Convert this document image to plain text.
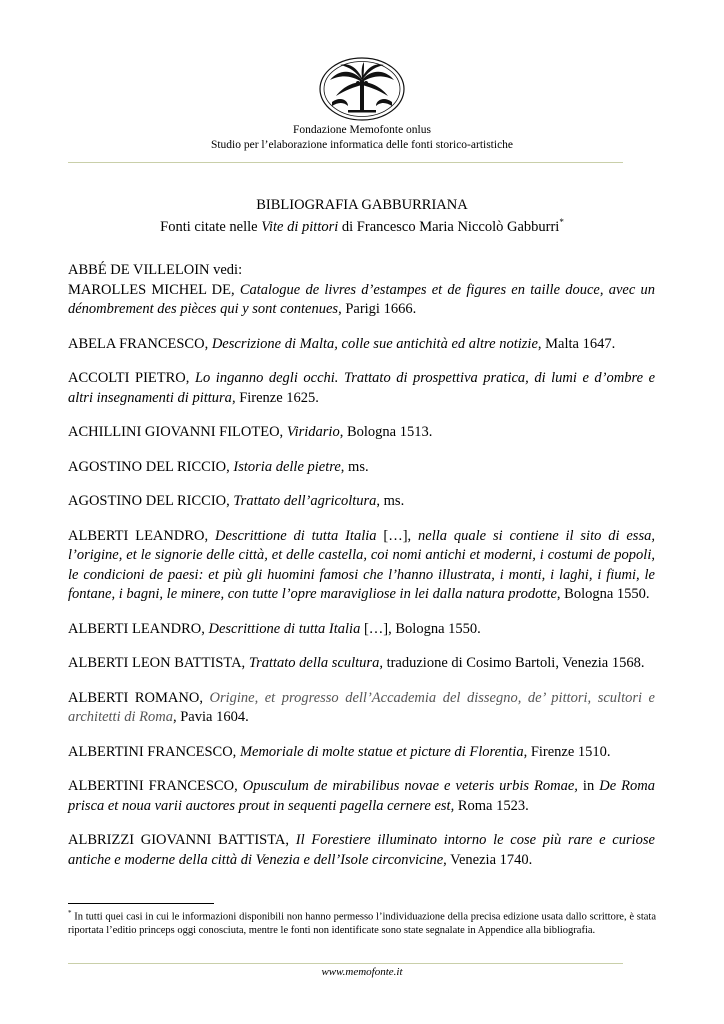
Fondazione Memofonte onlus
Studio per l’elaborazione informatica delle fonti storico-artistiche
BIBLIOGRAFIA GABBURRIANA
Fonti citate nelle Vite di pittori di Francesco Maria Niccolò Gabburri*
ABBÉ DE VILLELOIN vedi:
MAROLLES MICHEL DE, Catalogue de livres d’estampes et de figures en taille douce, avec un dénombrement des pièces qui y sont contenues, Parigi 1666.
ABELA FRANCESCO, Descrizione di Malta, colle sue antichità ed altre notizie, Malta 1647.
ACCOLTI PIETRO, Lo inganno degli occhi. Trattato di prospettiva pratica, di lumi e d’ombre e altri insegnamenti di pittura, Firenze 1625.
ACHILLINI GIOVANNI FILOTEO, Viridario, Bologna 1513.
AGOSTINO DEL RICCIO, Istoria delle pietre, ms.
AGOSTINO DEL RICCIO, Trattato dell’agricoltura, ms.
ALBERTI LEANDRO, Descrittione di tutta Italia […], nella quale si contiene il sito di essa, l’origine, et le signorie delle città, et delle castella, coi nomi antichi et moderni, i costumi de popoli, le condicioni de paesi: et più gli huomini famosi che l’hanno illustrata, i monti, i laghi, i fiumi, le fontane, i bagni, le minere, con tutte l’opre maravigliose in lei dalla natura prodotte, Bologna 1550.
ALBERTI LEANDRO, Descrittione di tutta Italia […], Bologna 1550.
ALBERTI LEON BATTISTA, Trattato della scultura, traduzione di Cosimo Bartoli, Venezia 1568.
ALBERTI ROMANO, Origine, et progresso dell’Accademia del dissegno, de’ pittori, scultori e architetti di Roma, Pavia 1604.
ALBERTINI FRANCESCO, Memoriale di molte statue et picture di Florentia, Firenze 1510.
ALBERTINI FRANCESCO, Opusculum de mirabilibus novae e veteris urbis Romae, in De Roma prisca et noua varii auctores prout in sequenti pagella cernere est, Roma 1523.
ALBRIZZI GIOVANNI BATTISTA, Il Forestiere illuminato intorno le cose più rare e curiose antiche e moderne della città di Venezia e dell’Isole circonvicine, Venezia 1740.
* In tutti quei casi in cui le informazioni disponibili non hanno permesso l’individuazione della precisa edizione usata dallo scrittore, è stata riportata l’editio princeps oggi conosciuta, mentre le fonti non identificate sono state segnalate in Appendice alla bibliografia.
www.memofonte.it
